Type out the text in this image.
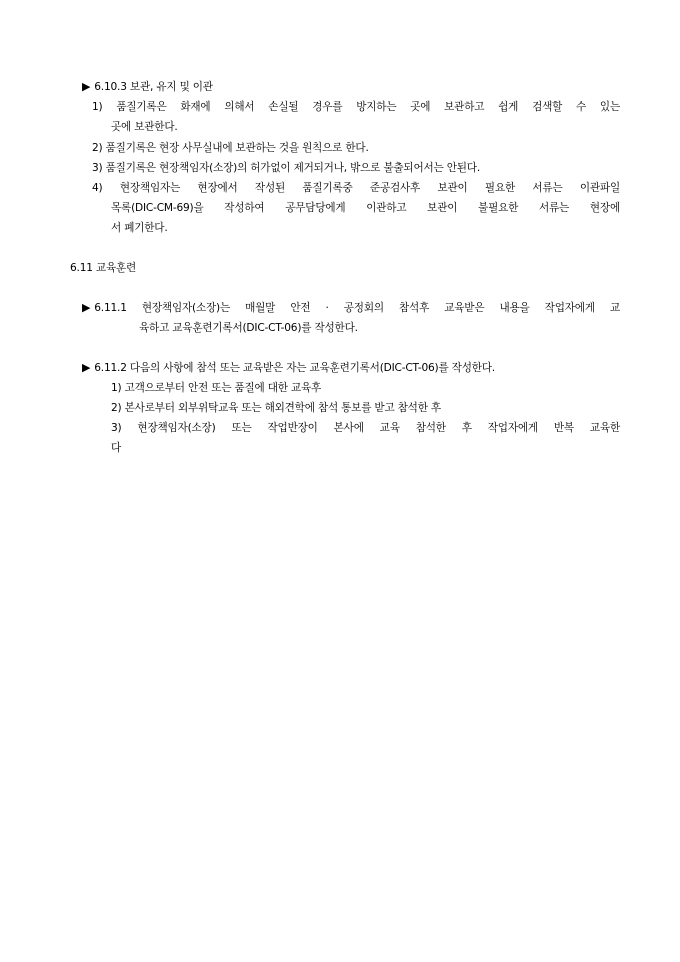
▶ 6.10.3 보관, 유지 및 이관
1) 품질기록은 화재에 의해서 손실될 경우를 방지하는 곳에 보관하고 쉽게 검색할 수 있는
곳에 보관한다.
2) 품질기록은 현장 사무실내에 보관하는 것을 원칙으로 한다.
3) 품질기록은 현장책임자(소장)의 허가없이 제거되거나, 밖으로 불출되어서는 안된다.
4) 현장책임자는 현장에서 작성된 품질기록중 준공검사후 보관이 필요한 서류는 이관파일
목록(DIC-CM-69)을 작성하여 공무담당에게 이관하고 보관이 불필요한 서류는 현장에
서 폐기한다.
6.11 교육훈련
▶ 6.11.1 현장책임자(소장)는 매월말 안전 · 공정회의 참석후 교육받은 내용을 작업자에게 교
육하고 교육훈련기록서(DIC-CT-06)를 작성한다.
▶ 6.11.2 다음의 사항에 참석 또는 교육받은 자는 교육훈련기록서(DIC-CT-06)를 작성한다.
1) 고객으로부터 안전 또는 품질에 대한 교육후
2) 본사로부터 외부위탁교육 또는 해외견학에 참석 통보를 받고 참석한 후
3) 현장책임자(소장) 또는 작업반장이 본사에 교육 참석한 후 작업자에게 반복 교육한
다
